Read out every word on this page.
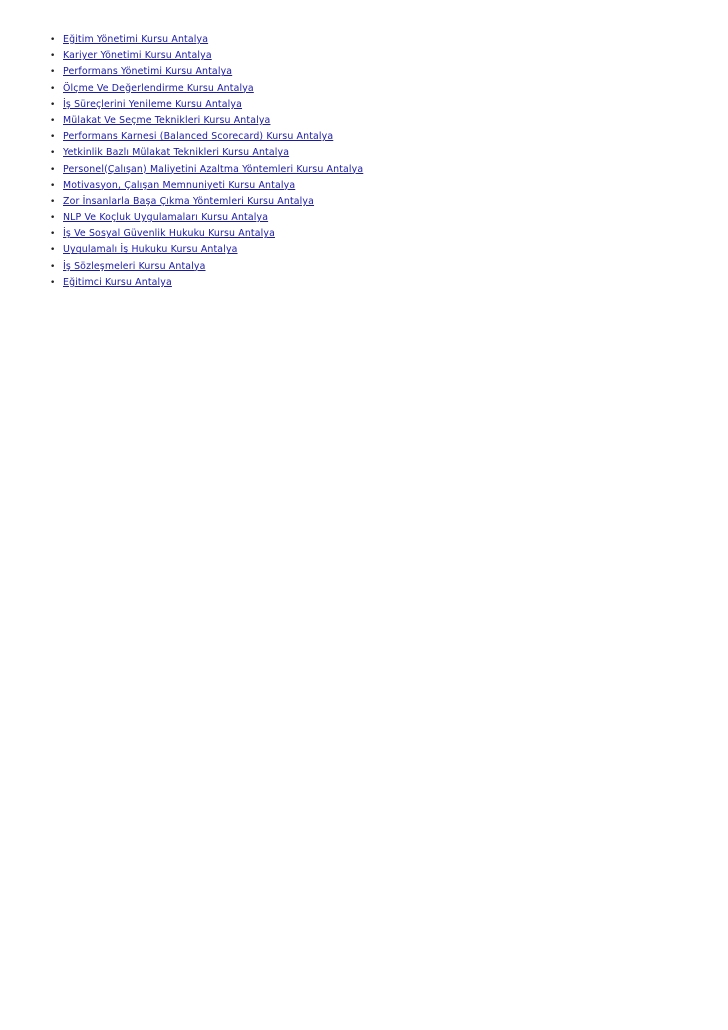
• Eğitim Yönetimi Kursu Antalya
• Kariyer Yönetimi Kursu Antalya
• Performans Yönetimi Kursu Antalya
• Ölçme Ve Değerlendirme Kursu Antalya
• İş Süreçlerini Yenileme Kursu Antalya
• Mülakat Ve Seçme Teknikleri Kursu Antalya
• Performans Karnesi (Balanced Scorecard) Kursu Antalya
• Yetkinlik Bazlı Mülakat Teknikleri Kursu Antalya
• Personel(Çalışan) Maliyetini Azaltma Yöntemleri Kursu Antalya
• Motivasyon, Çalışan Memnuniyeti Kursu Antalya
• Zor İnsanlarla Başa Çıkma Yöntemleri Kursu Antalya
• NLP Ve Koçluk Uygulamaları Kursu Antalya
• İş Ve Sosyal Güvenlik Hukuku Kursu Antalya
• Uygulamalı İş Hukuku Kursu Antalya
• İş Sözleşmeleri Kursu Antalya
• Eğitimci Kursu Antalya
